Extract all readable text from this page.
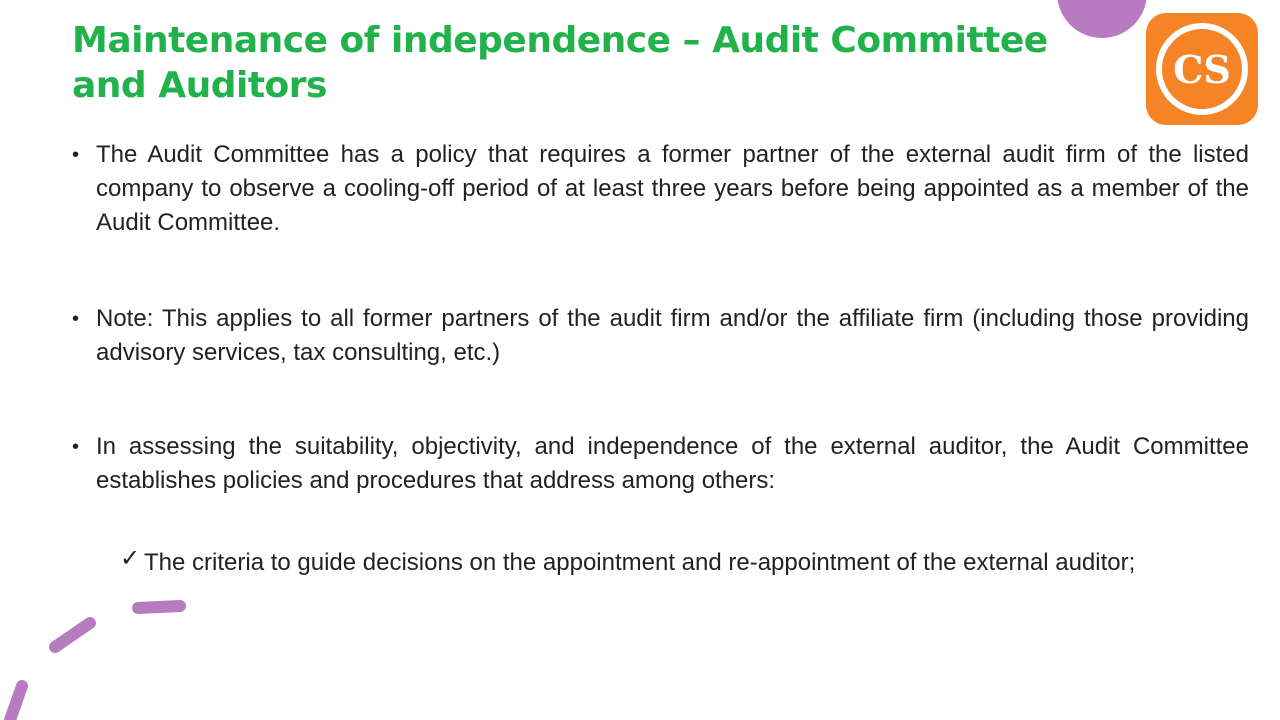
CS
Maintenance of independence – Audit Committee and Auditors
• The Audit Committee has a policy that requires a former partner of the external audit firm of the listed company to observe a cooling-off period of at least three years before being appointed as a member of the Audit Committee.
• Note: This applies to all former partners of the audit firm and/or the affiliate firm (including those providing advisory services, tax consulting, etc.)
• In assessing the suitability, objectivity, and independence of the external auditor, the Audit Committee establishes policies and procedures that address among others:
✓ The criteria to guide decisions on the appointment and re-appointment of the external auditor;
